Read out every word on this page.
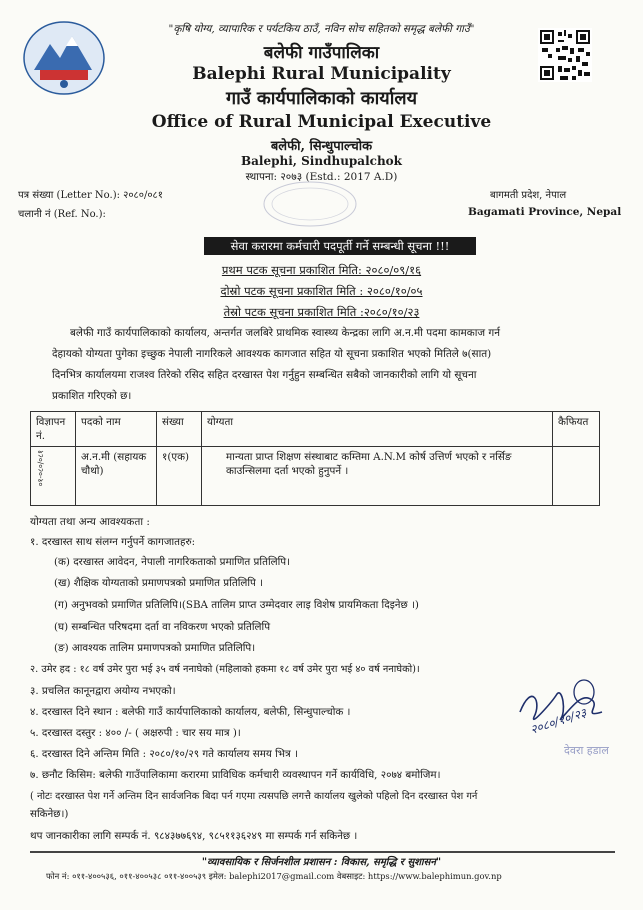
"कृषि योग्य, व्यापारिक र पर्यटकिय ठाउँ, नविन सोच सहितको समृद्ध बलेफी गाउँ"
बलेफी गाउँपालिका
Balephi Rural Municipality
गाउँ कार्यपालिकाको कार्यालय
Office of Rural Municipal Executive
बलेफी, सिन्धुपाल्चोक
Balephi, Sindhupalchok
स्थापना: २०७३ (Estd.: 2017 A.D)
पत्र संख्या (Letter No.): २०८०/०८१
चलानी नं (Ref. No.):
बागमती प्रदेश, नेपाल
Bagamati Province, Nepal
सेवा करारमा कर्मचारी पदपूर्ती गर्ने सम्बन्धी सूचना !!!
प्रथम पटक सूचना प्रकाशित मिति: २०८०/०९/१६
दोस्रो पटक सूचना प्रकाशित मिति : २०८०/१०/०५
तेस्रो पटक सूचना प्रकाशित मिति :२०८०/१०/२३

बलेफी गाउँ कार्यपालिकाको कार्यालय, अन्तर्गत जलबिरे प्राथमिक स्वास्थ्य केन्द्रका लागि अ.न.मी पदमा कामकाज गर्न

देहायको योग्यता पुगेका इच्छुक नेपाली नागरिकले आवश्यक कागजात सहित यो सूचना प्रकाशित भएको मितिले ७(सात)

दिनभित्र कार्यालयमा राजश्व तिरेको रसिद सहित दरखास्त पेश गर्नुहुन सम्बन्धित सबैको जानकारीको लागि यो सूचना

प्रकाशित गरिएको छ।

विज्ञापन नं.	पदको नाम	संख्या	योग्यता	कैफियत
०१-०८०/०८१	अ.न.मी (सहायक चौथो)	१(एक)	मान्यता प्राप्त शिक्षण संस्थाबाट कम्तिमा A.N.M कोर्ष उत्तिर्ण भएको र नर्सिङ काउन्सिलमा दर्ता भएको हुनुपर्ने ।	
योग्यता तथा अन्य आवश्यकता :
१. दरखास्त साथ संलग्न गर्नुपर्ने कागजातहरु:
(क) दरखास्त आवेदन, नेपाली नागरिकताको प्रमाणित प्रतिलिपि।
(ख) शैक्षिक योग्यताको प्रमाणपत्रको प्रमाणित प्रतिलिपि ।
(ग) अनुभवको प्रमाणित प्रतिलिपि।(SBA तालिम प्राप्त उम्मेदवार लाइ विशेष प्रायमिकता दिइनेछ ।)
(घ) सम्बन्धित परिषदमा दर्ता वा नविकरण भएको प्रतिलिपि
(ङ) आवश्यक तालिम प्रमाणपत्रको प्रमाणित प्रतिलिपि।
२. उमेर हद : १८ वर्ष उमेर पुरा भई ३५ वर्ष ननाघेको (महिलाको हकमा १८ वर्ष उमेर पुरा भई ४० वर्ष ननाघेको)।
३. प्रचलित कानूनद्वारा अयोग्य नभएको।
४. दरखास्त दिने स्थान : बलेफी गाउँ कार्यपालिकाको कार्यालय, बलेफी, सिन्धुपाल्चोक ।
५. दरखास्त दस्तुर : ४०० /- ( अक्षरुपी : चार सय मात्र )।
६. दरखास्त दिने अन्तिम मिति : २०८०/१०/२९ गते कार्यालय समय भित्र ।
७. छनौट किसिम: बलेफी गाउँपालिकामा करारमा प्राविधिक कर्मचारी व्यवस्थापन गर्ने कार्यविधि, २०७४ बमोजिम।
( नोटः दरखास्त पेश गर्ने अन्तिम दिन सार्वजनिक बिदा पर्न गएमा त्यसपछि लगत्तै कार्यालय खुलेको पहिलो दिन दरखास्त पेश गर्न
सकिनेछ।)
थप जानकारीका लागि सम्पर्क नं. ९८४३७७६९४, ९८५११३६२४९ मा सम्पर्क गर्न सकिनेछ ।
२०८०/१०/२३
देवरा हडाल
"व्यावसायिक र सिर्जनशील प्रशासन : विकास, समृद्धि र सुशासन"
फोन नं: ०११-४००५३६, ०११-४००५३८ ०११-४००५३९ इमेल: balephi2017@gmail.com वेबसाइट: https://www.balephimun.gov.np
